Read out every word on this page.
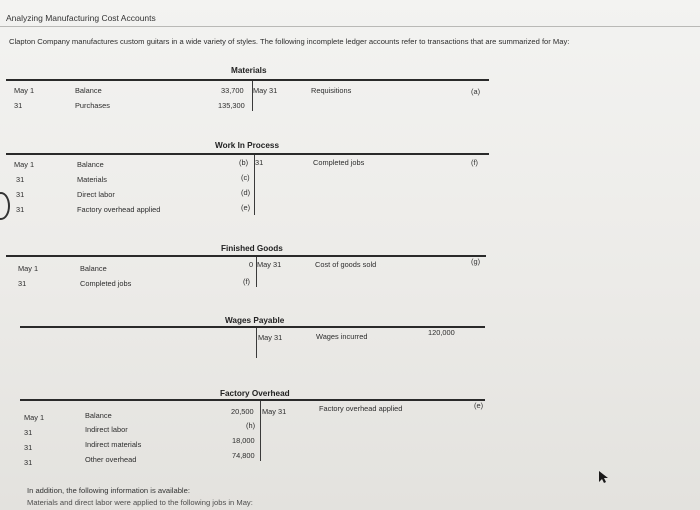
Analyzing Manufacturing Cost Accounts
Clapton Company manufactures custom guitars in a wide variety of styles. The following incomplete ledger accounts refer to transactions that are summarized for May:
Materials
May 1	Balance	33,700 May 31	Requisitions	(a)
31	Purchases	135,300
Work In Process
May 1	Balance	(b) 31	Completed jobs	(f)
31	Materials	(c)
31	Direct labor	(d)
31	Factory overhead applied	(e)
Finished Goods
May 1	Balance	0 May 31	Cost of goods sold	(g)
31	Completed jobs	(f)
Wages Payable
May 31	Wages incurred	120,000
Factory Overhead
May 1	Balance	20,500 May 31	Factory overhead applied	(e)
31	Indirect labor	(h)
31	Indirect materials	18,000
31	Other overhead	74,800
In addition, the following information is available:
Materials and direct labor were applied to the following jobs in May:
